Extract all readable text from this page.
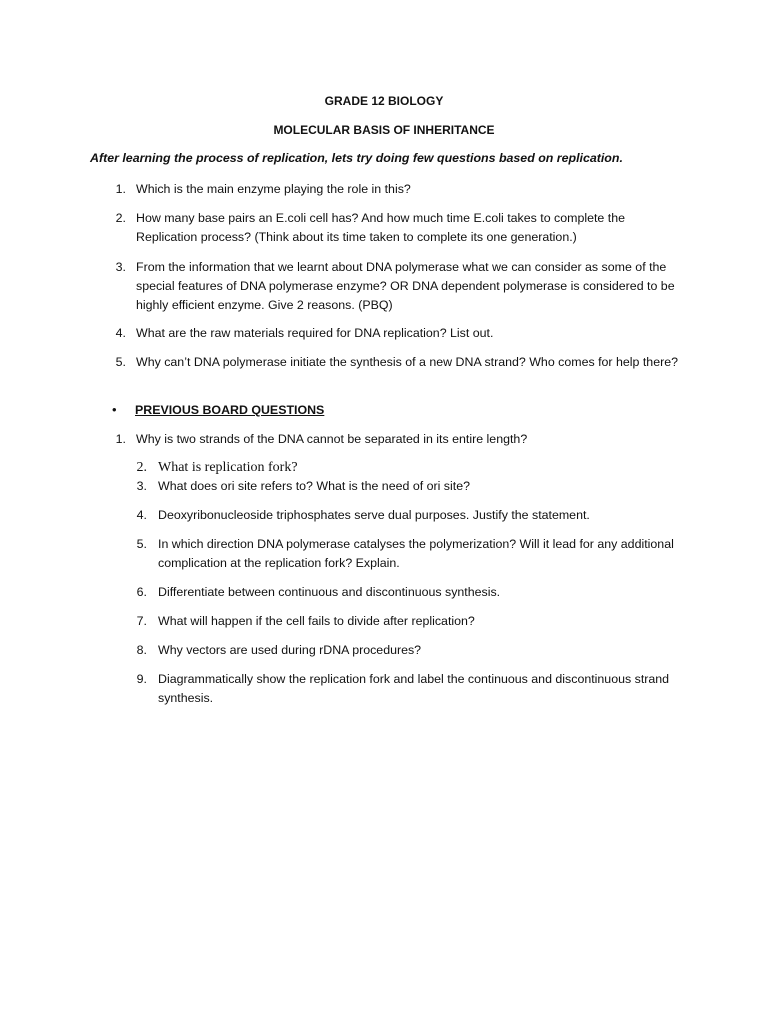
GRADE 12 BIOLOGY
MOLECULAR BASIS OF INHERITANCE
After learning the process of replication, lets try doing few questions based on replication.
1. Which is the main enzyme playing the role in this?
2. How many base pairs an E.coli cell has? And how much time E.coli takes to complete the Replication process? (Think about its time taken to complete its one generation.)
3. From the information that we learnt about DNA polymerase what we can consider as some of the special features of DNA polymerase enzyme? OR DNA dependent polymerase is considered to be highly efficient enzyme. Give 2 reasons. (PBQ)
4. What are the raw materials required for DNA replication? List out.
5. Why can’t DNA polymerase initiate the synthesis of a new DNA strand? Who comes for help there?
• PREVIOUS BOARD QUESTIONS
1. Why is two strands of the DNA cannot be separated in its entire length?
2. What is replication fork?
3. What does ori site refers to? What is the need of ori site?
4. Deoxyribonucleoside triphosphates serve dual purposes. Justify the statement.
5. In which direction DNA polymerase catalyses the polymerization? Will it lead for any additional complication at the replication fork? Explain.
6. Differentiate between continuous and discontinuous synthesis.
7. What will happen if the cell fails to divide after replication?
8. Why vectors are used during rDNA procedures?
9. Diagrammatically show the replication fork and label the continuous and discontinuous strand synthesis.
